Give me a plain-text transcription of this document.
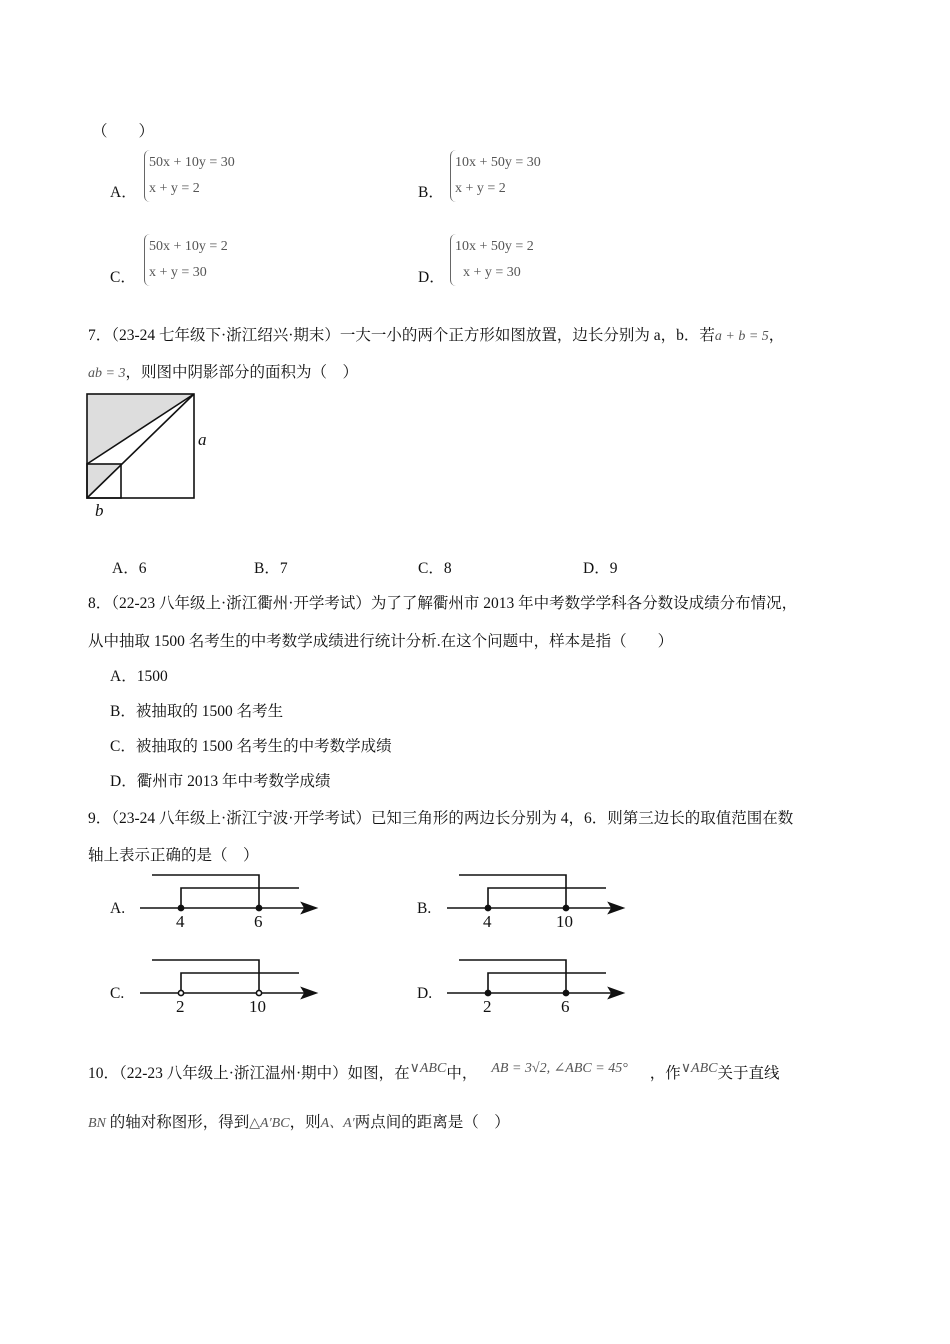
（　　）
A．
50x + 10y = 30
x + y = 2	B．
10x + 50y = 30
x + y = 2
C．
50x + 10y = 2
x + y = 30	D．
10x + 50y = 2
x + y = 30
7．（23-24 七年级下·浙江绍兴·期末）一大一小的两个正方形如图放置，边长分别为 a，b．若a + b = 5，
ab = 3，则图中阴影部分的面积为（　）
a
b
A．6	B．7	C．8	D．9
8．（22-23 八年级上·浙江衢州·开学考试）为了了解衢州市 2013 年中考数学学科各分数设成绩分布情况，
从中抽取 1500 名考生的中考数学成绩进行统计分析.在这个问题中，样本是指（　　）
A．1500
B．被抽取的 1500 名考生
C．被抽取的 1500 名考生的中考数学成绩
D．衢州市 2013 年中考数学成绩
9．（23-24 八年级上·浙江宁波·开学考试）已知三角形的两边长分别为 4，6．则第三边长的取值范围在数
轴上表示正确的是（　）
10．（22-23 八年级上·浙江温州·期中）如图，在$^{\vee ABC}$中， $^{AB = 3√2, \angle ABC = 45^\circ}$ ，作$^{\vee ABC}$关于直线
BN 的轴对称图形，得到△A′BC，则A、A′两点间的距离是（　）
A.
4	6
B.
4	10
C.
2	10
D.
2	6
